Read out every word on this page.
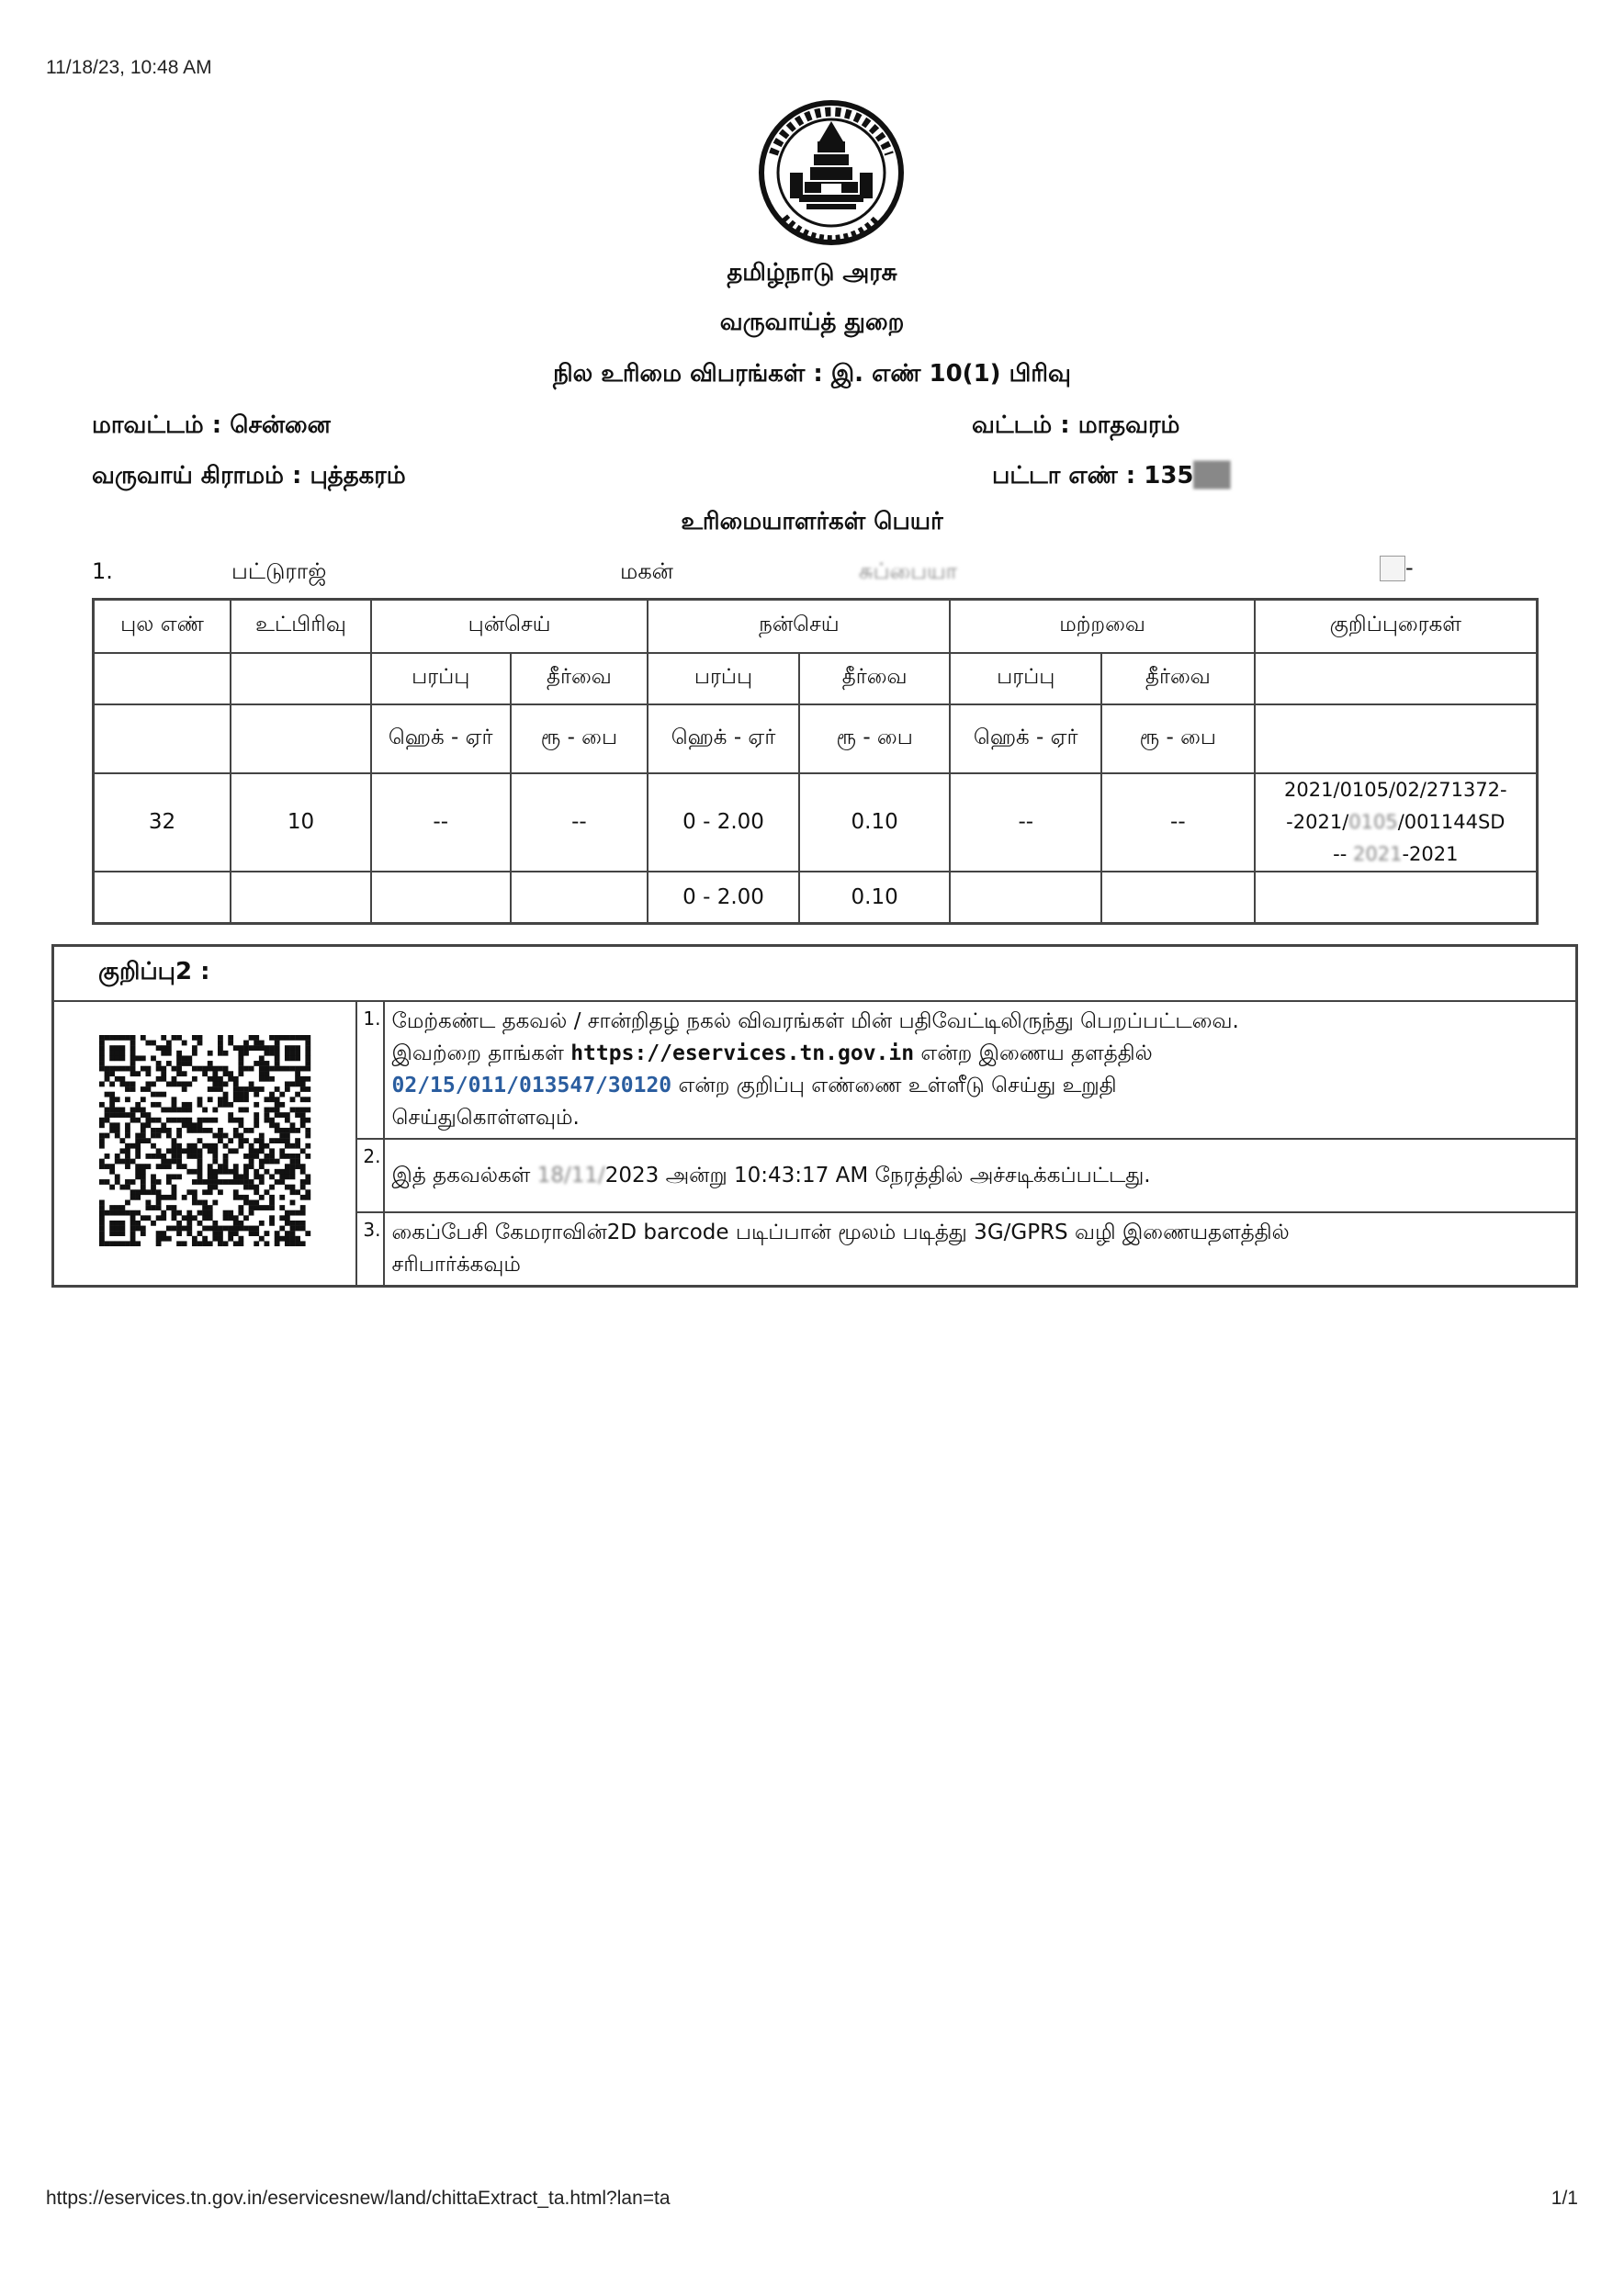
11/18/23, 10:48 AM
தமிழ்நாடு அரசு
வருவாய்த் துறை
நில உரிமை விபரங்கள் : இ. எண் 10(1) பிரிவு
மாவட்டம் : சென்னை	வட்டம் : மாதவரம்
வருவாய் கிராமம் : புத்தகரம்	பட்டா எண் : 135██
உரிமையாளர்கள் பெயர்
1.	பட்டுராஜ்	மகன்	சுப்பையா	-
புல எண்	உட்பிரிவு	புன்செய்		நன்செய்		மற்றவை		குறிப்புரைகள்
		பரப்பு	தீர்வை	பரப்பு	தீர்வை	பரப்பு	தீர்வை	
		ஹெக் - ஏர்	ரூ - பை	ஹெக் - ஏர்	ரூ - பை	ஹெக் - ஏர்	ரூ - பை	
32	10	--	--	0 - 2.00	0.10	--	--	2021/0105/02/271372-
-2021/0105/001144SD
-- 2021-2021

				0 - 2.00	0.10			
குறிப்பு2 :		
	1.	மேற்கண்ட தகவல் / சான்றிதழ் நகல் விவரங்கள் மின் பதிவேட்டிலிருந்து பெறப்பட்டவை.
இவற்றை தாங்கள் https://eservices.tn.gov.in என்ற இணைய தளத்தில்
02/15/011/013547/30120 என்ற குறிப்பு எண்ணை உள்ளீடு செய்து உறுதி
செய்துகொள்ளவும்.

	2.	இத் தகவல்கள் 18/11/2023 அன்று 10:43:17 AM நேரத்தில் அச்சடிக்கப்பட்டது.
	3.	கைப்பேசி கேமராவின்2D barcode படிப்பான் மூலம் படித்து 3G/GPRS வழி இணையதளத்தில்
சரிபார்க்கவும்
https://eservices.tn.gov.in/eservicesnew/land/chittaExtract_ta.html?lan=ta	1/1
